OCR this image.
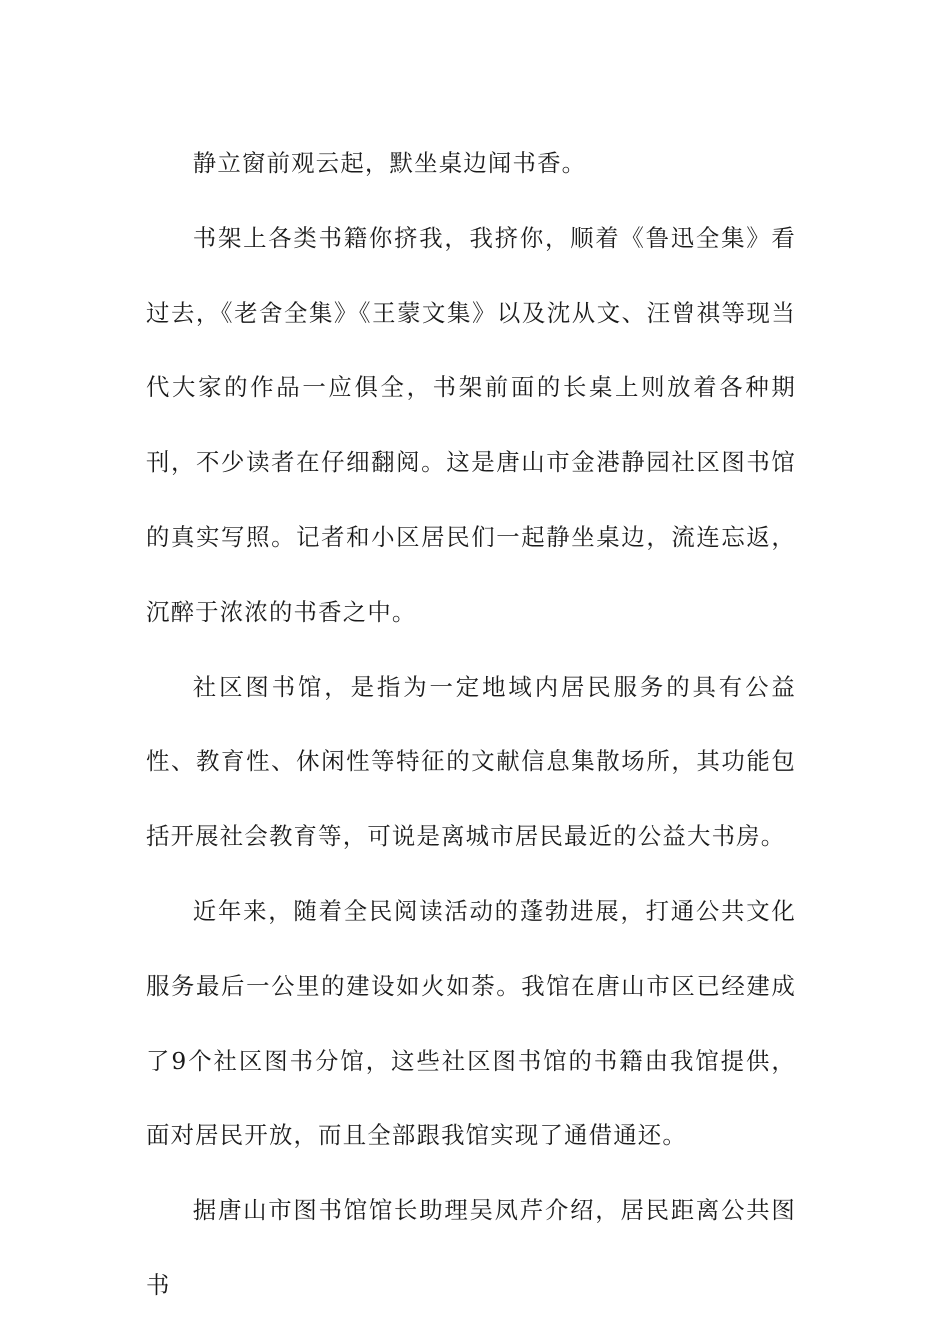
静立窗前观云起，默坐桌边闻书香。

书架上各类书籍你挤我，我挤你，顺着《鲁迅全集》看过去，《老舍全集》《王蒙文集》以及沈从文、汪曾祺等现当代大家的作品一应俱全，书架前面的长桌上则放着各种期刊，不少读者在仔细翻阅。这是唐山市金港静园社区图书馆的真实写照。记者和小区居民们一起静坐桌边，流连忘返，沉醉于浓浓的书香之中。

社区图书馆，是指为一定地域内居民服务的具有公益性、教育性、休闲性等特征的文献信息集散场所，其功能包括开展社会教育等，可说是离城市居民最近的公益大书房。

近年来，随着全民阅读活动的蓬勃进展，打通公共文化服务最后一公里的建设如火如荼。我馆在唐山市区已经建成了9个社区图书分馆，这些社区图书馆的书籍由我馆提供，面对居民开放，而且全部跟我馆实现了通借通还。

据唐山市图书馆馆长助理吴凤芹介绍，居民距离公共图书
